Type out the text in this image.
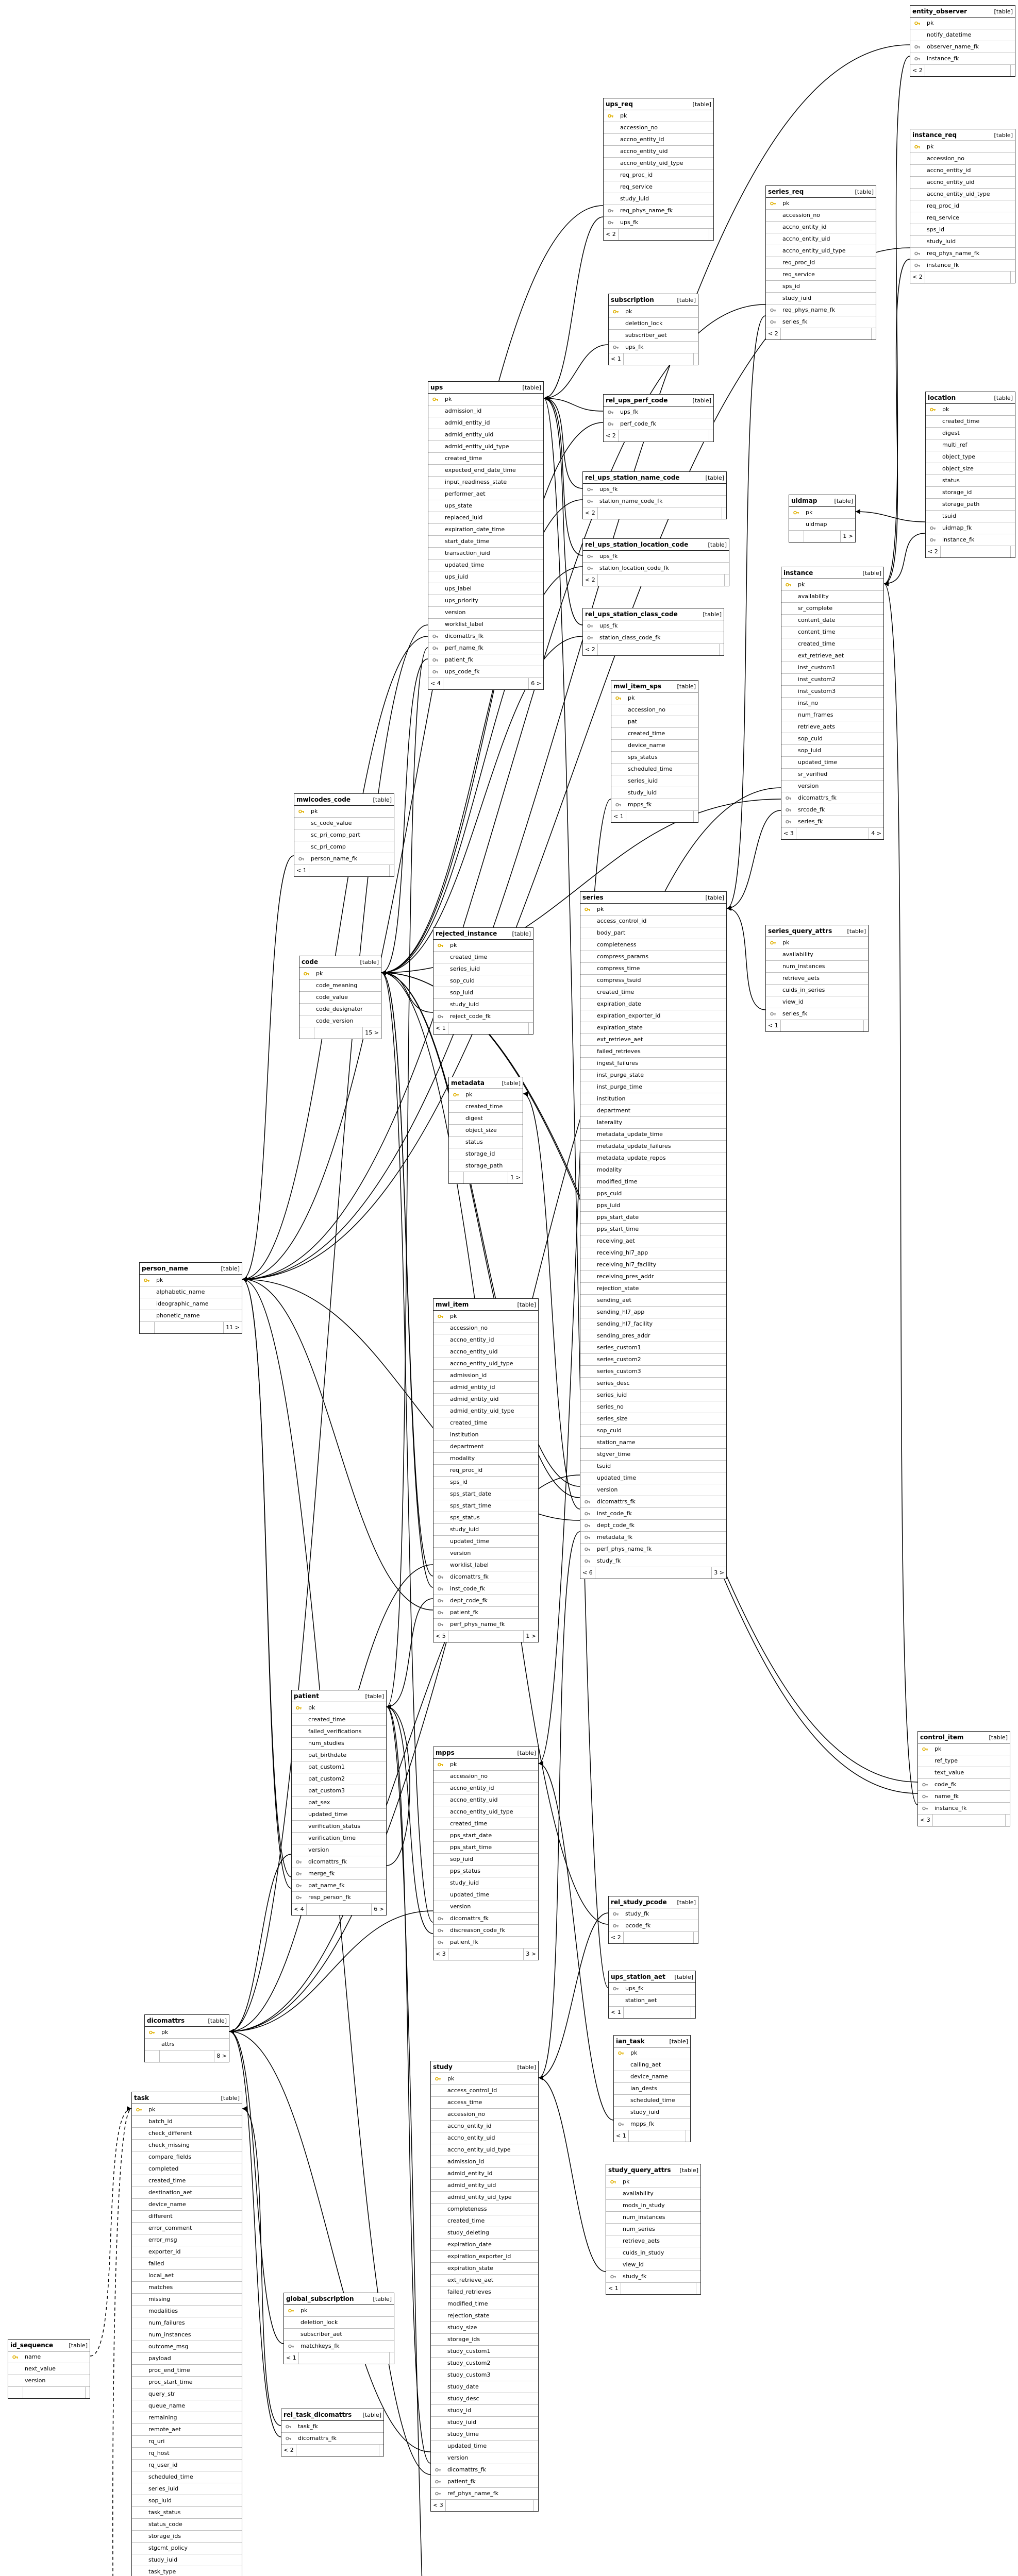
entity_observer	[table]
pk
notify_datetime
observer_name_fk
instance_fk
< 2
instance_req	[table]
pk
accession_no
accno_entity_id
accno_entity_uid
accno_entity_uid_type
req_proc_id
req_service
sps_id
study_iuid
req_phys_name_fk
instance_fk
< 2
location	[table]
pk
created_time
digest
multi_ref
object_type
object_size
status
storage_id
storage_path
tsuid
uidmap_fk
instance_fk
< 2
ups_req	[table]
pk
accession_no
accno_entity_id
accno_entity_uid
accno_entity_uid_type
req_proc_id
req_service
study_iuid
req_phys_name_fk
ups_fk
< 2
series_req	[table]
pk
accession_no
accno_entity_id
accno_entity_uid
accno_entity_uid_type
req_proc_id
req_service
sps_id
study_iuid
req_phys_name_fk
series_fk
< 2
subscription	[table]
pk
deletion_lock
subscriber_aet
ups_fk
< 1
ups	[table]
pk
admission_id
admid_entity_id
admid_entity_uid
admid_entity_uid_type
created_time
expected_end_date_time
input_readiness_state
performer_aet
ups_state
replaced_iuid
expiration_date_time
start_date_time
transaction_iuid
updated_time
ups_iuid
ups_label
ups_priority
version
worklist_label
dicomattrs_fk
perf_name_fk
patient_fk
ups_code_fk
< 4	6 >
rel_ups_perf_code	[table]
ups_fk
perf_code_fk
< 2
rel_ups_station_name_code	[table]
ups_fk
station_name_code_fk
< 2
rel_ups_station_location_code	[table]
ups_fk
station_location_code_fk
< 2
rel_ups_station_class_code	[table]
ups_fk
station_class_code_fk
< 2
uidmap	[table]
pk
uidmap
1 >
instance	[table]
pk
availability
sr_complete
content_date
content_time
created_time
ext_retrieve_aet
inst_custom1
inst_custom2
inst_custom3
inst_no
num_frames
retrieve_aets
sop_cuid
sop_iuid
updated_time
sr_verified
version
dicomattrs_fk
srcode_fk
series_fk
< 3	4 >
mwl_item_sps	[table]
pk
accession_no
pat
created_time
device_name
sps_status
scheduled_time
series_iuid
study_iuid
mpps_fk
< 1
series_query_attrs	[table]
pk
availability
num_instances
retrieve_aets
cuids_in_series
view_id
series_fk
< 1
series	[table]
pk
access_control_id
body_part
completeness
compress_params
compress_time
compress_tsuid
created_time
expiration_date
expiration_exporter_id
expiration_state
ext_retrieve_aet
failed_retrieves
ingest_failures
inst_purge_state
inst_purge_time
institution
department
laterality
metadata_update_time
metadata_update_failures
metadata_update_repos
modality
modified_time
pps_cuid
pps_iuid
pps_start_date
pps_start_time
receiving_aet
receiving_hl7_app
receiving_hl7_facility
receiving_pres_addr
rejection_state
sending_aet
sending_hl7_app
sending_hl7_facility
sending_pres_addr
series_custom1
series_custom2
series_custom3
series_desc
series_iuid
series_no
series_size
sop_cuid
station_name
stgver_time
tsuid
updated_time
version
dicomattrs_fk
inst_code_fk
dept_code_fk
metadata_fk
perf_phys_name_fk
study_fk
< 6	3 >
mwlcodes_code	[table]
pk
sc_code_value
sc_pri_comp_part
sc_pri_comp
person_name_fk
< 1
code	[table]
pk
code_meaning
code_value
code_designator
code_version
15 >
rejected_instance	[table]
pk
created_time
series_iuid
sop_cuid
sop_iuid
study_iuid
reject_code_fk
< 1
metadata	[table]
pk
created_time
digest
object_size
status
storage_id
storage_path
1 >
person_name	[table]
pk
alphabetic_name
ideographic_name
phonetic_name
11 >
mwl_item	[table]
pk
accession_no
accno_entity_id
accno_entity_uid
accno_entity_uid_type
admission_id
admid_entity_id
admid_entity_uid
admid_entity_uid_type
created_time
institution
department
modality
req_proc_id
sps_id
sps_start_date
sps_start_time
sps_status
study_iuid
updated_time
version
worklist_label
dicomattrs_fk
inst_code_fk
dept_code_fk
patient_fk
perf_phys_name_fk
< 5	1 >
patient	[table]
pk
created_time
failed_verifications
num_studies
pat_birthdate
pat_custom1
pat_custom2
pat_custom3
pat_sex
updated_time
verification_status
verification_time
version
dicomattrs_fk
merge_fk
pat_name_fk
resp_person_fk
< 4	6 >
control_item	[table]
pk
ref_type
text_value
code_fk
name_fk
instance_fk
< 3
mpps	[table]
pk
accession_no
accno_entity_id
accno_entity_uid
accno_entity_uid_type
created_time
pps_start_date
pps_start_time
sop_iuid
pps_status
study_iuid
updated_time
version
dicomattrs_fk
discreason_code_fk
patient_fk
< 3	3 >
rel_study_pcode [table]
study_fk
pcode_fk
< 2
ups_station_aet [table]
ups_fk
station_aet
< 1
dicomattrs	[table]
pk
attrs
8 >
ian_task	[table]
pk
calling_aet
device_name
ian_dests
scheduled_time
study_iuid
mpps_fk
< 1
study	[table]
pk
access_control_id
access_time
accession_no
accno_entity_id
accno_entity_uid
accno_entity_uid_type
admission_id
admid_entity_id
admid_entity_uid
admid_entity_uid_type
completeness
created_time
study_deleting
expiration_date
expiration_exporter_id
expiration_state
ext_retrieve_aet
failed_retrieves
modified_time
rejection_state
study_size
storage_ids
study_custom1
study_custom2
study_custom3
study_date
study_desc
study_id
study_iuid
study_time
updated_time
version
dicomattrs_fk
patient_fk
ref_phys_name_fk
< 3
study_query_attrs [table]
pk
availability
mods_in_study
num_instances
num_series
retrieve_aets
cuids_in_study
view_id
study_fk
< 1
task	[table]
pk
batch_id
check_different
check_missing
compare_fields
completed
created_time
destination_aet
device_name
different
error_comment
error_msg
exporter_id
failed
local_aet
matches
missing
modalities
num_failures
num_instances
outcome_msg
payload
proc_end_time
proc_start_time
query_str
queue_name
remaining
remote_aet
rq_uri
rq_host
rq_user_id
scheduled_time
series_iuid
sop_iuid
task_status
status_code
storage_ids
stgcmt_policy
study_iuid
task_type
global_subscription	[table]
pk
deletion_lock
subscriber_aet
matchkeys_fk
< 1
id_sequence	[table]
name
next_value
version
rel_task_dicomattrs [table]
task_fk
dicomattrs_fk
< 2
